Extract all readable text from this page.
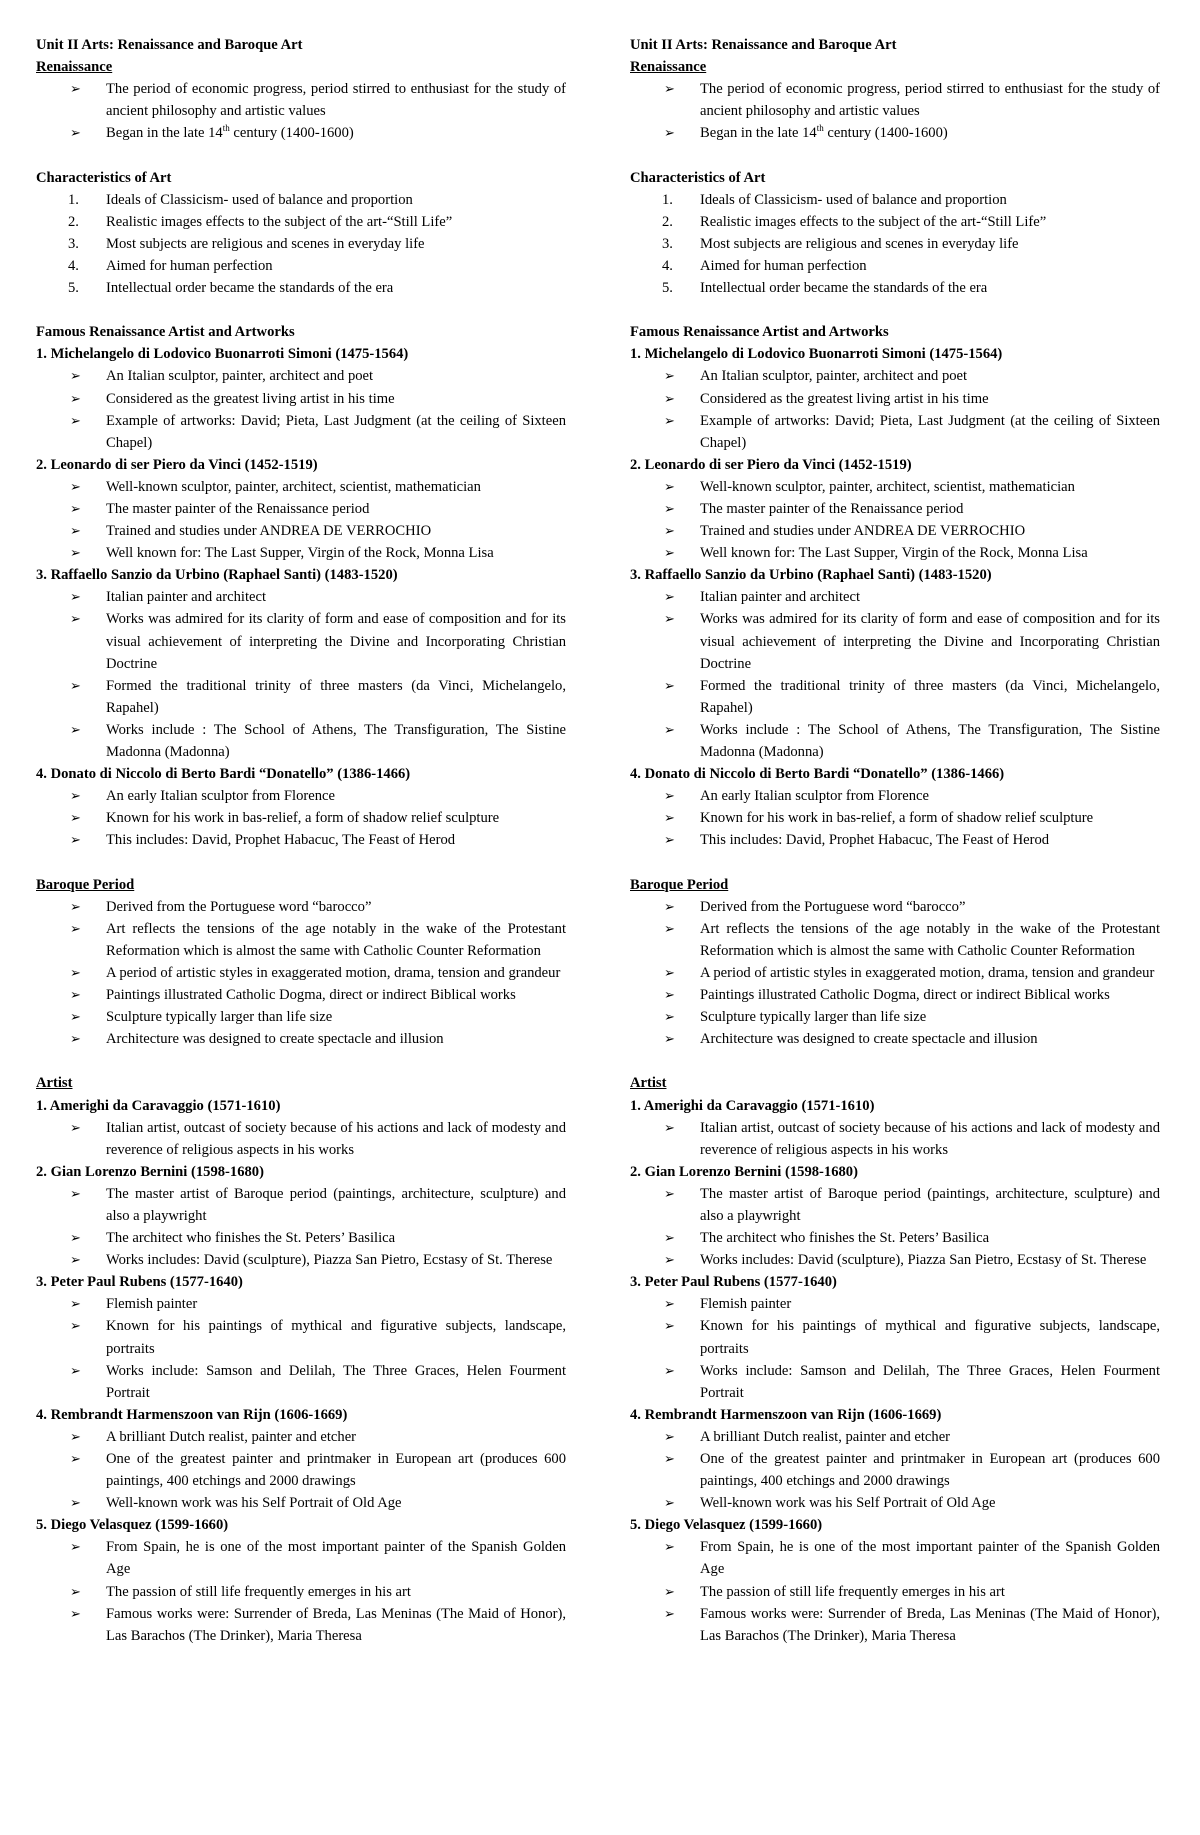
Unit II Arts: Renaissance and Baroque Art
Renaissance
➢	The period of economic progress, period stirred to enthusiast for the study of ancient philosophy and artistic values
➢	Began in the late 14th century (1400-1600)
Characteristics of Art
1.	Ideals of Classicism- used of balance and proportion
2.	Realistic images effects to the subject of the art-“Still Life”
3.	Most subjects are religious and scenes in everyday life
4.	Aimed for human perfection
5.	Intellectual order became the standards of the era
Famous Renaissance Artist and Artworks
1. Michelangelo di Lodovico Buonarroti Simoni (1475-1564)
➢	An Italian sculptor, painter, architect and poet
➢	Considered as the greatest living artist in his time
➢	Example of artworks: David; Pieta, Last Judgment (at the ceiling of Sixteen Chapel)
2. Leonardo di ser Piero da Vinci (1452-1519)
➢	Well-known sculptor, painter, architect, scientist, mathematician
➢	The master painter of the Renaissance period
➢	Trained and studies under ANDREA DE VERROCHIO
➢	Well known for: The Last Supper, Virgin of the Rock, Monna Lisa
3. Raffaello Sanzio da Urbino (Raphael Santi) (1483-1520)
➢	Italian painter and architect
➢	Works was admired for its clarity of form and ease of composition and for its visual achievement of interpreting the Divine and Incorporating Christian Doctrine
➢	Formed the traditional trinity of three masters (da Vinci, Michelangelo, Rapahel)
➢	Works include : The School of Athens, The Transfiguration, The Sistine Madonna (Madonna)
4. Donato di Niccolo di Berto Bardi “Donatello” (1386-1466)
➢	An early Italian sculptor from Florence
➢	Known for his work in bas-relief, a form of shadow relief sculpture
➢	This includes: David, Prophet Habacuc, The Feast of Herod
Baroque Period
➢	Derived from the Portuguese word “barocco”
➢	Art reflects the tensions of the age notably in the wake of the Protestant Reformation which is almost the same with Catholic Counter Reformation
➢	A period of artistic styles in exaggerated motion, drama, tension and grandeur
➢	Paintings illustrated Catholic Dogma, direct or indirect Biblical works
➢	Sculpture typically larger than life size
➢	Architecture was designed to create spectacle and illusion
Artist
1. Amerighi da Caravaggio (1571-1610)
➢	Italian artist, outcast of society because of his actions and lack of modesty and reverence of religious aspects in his works
2. Gian Lorenzo Bernini (1598-1680)
➢	The master artist of Baroque period (paintings, architecture, sculpture) and also a playwright
➢	The architect who finishes the St. Peters’ Basilica
➢	Works includes: David (sculpture), Piazza San Pietro, Ecstasy of St. Therese
3. Peter Paul Rubens (1577-1640)
➢	Flemish painter
➢	Known for his paintings of mythical and figurative subjects, landscape, portraits
➢	Works include: Samson and Delilah, The Three Graces, Helen Fourment Portrait
4. Rembrandt Harmenszoon van Rijn (1606-1669)
➢	A brilliant Dutch realist, painter and etcher
➢	One of the greatest painter and printmaker in European art (produces 600 paintings, 400 etchings and 2000 drawings
➢	Well-known work was his Self Portrait of Old Age
5. Diego Velasquez (1599-1660)
➢	From Spain, he is one of the most important painter of the Spanish Golden Age
➢	The passion of still life frequently emerges in his art
➢	Famous works were: Surrender of Breda, Las Meninas (The Maid of Honor), Las Barachos (The Drinker), Maria Theresa
Unit II Arts: Renaissance and Baroque Art
Renaissance
➢	The period of economic progress, period stirred to enthusiast for the study of ancient philosophy and artistic values
➢	Began in the late 14th century (1400-1600)
Characteristics of Art
1.	Ideals of Classicism- used of balance and proportion
2.	Realistic images effects to the subject of the art-“Still Life”
3.	Most subjects are religious and scenes in everyday life
4.	Aimed for human perfection
5.	Intellectual order became the standards of the era
Famous Renaissance Artist and Artworks
1. Michelangelo di Lodovico Buonarroti Simoni (1475-1564)
➢	An Italian sculptor, painter, architect and poet
➢	Considered as the greatest living artist in his time
➢	Example of artworks: David; Pieta, Last Judgment (at the ceiling of Sixteen Chapel)
2. Leonardo di ser Piero da Vinci (1452-1519)
➢	Well-known sculptor, painter, architect, scientist, mathematician
➢	The master painter of the Renaissance period
➢	Trained and studies under ANDREA DE VERROCHIO
➢	Well known for: The Last Supper, Virgin of the Rock, Monna Lisa
3. Raffaello Sanzio da Urbino (Raphael Santi) (1483-1520)
➢	Italian painter and architect
➢	Works was admired for its clarity of form and ease of composition and for its visual achievement of interpreting the Divine and Incorporating Christian Doctrine
➢	Formed the traditional trinity of three masters (da Vinci, Michelangelo, Rapahel)
➢	Works include : The School of Athens, The Transfiguration, The Sistine Madonna (Madonna)
4. Donato di Niccolo di Berto Bardi “Donatello” (1386-1466)
➢	An early Italian sculptor from Florence
➢	Known for his work in bas-relief, a form of shadow relief sculpture
➢	This includes: David, Prophet Habacuc, The Feast of Herod
Baroque Period
➢	Derived from the Portuguese word “barocco”
➢	Art reflects the tensions of the age notably in the wake of the Protestant Reformation which is almost the same with Catholic Counter Reformation
➢	A period of artistic styles in exaggerated motion, drama, tension and grandeur
➢	Paintings illustrated Catholic Dogma, direct or indirect Biblical works
➢	Sculpture typically larger than life size
➢	Architecture was designed to create spectacle and illusion
Artist
1. Amerighi da Caravaggio (1571-1610)
➢	Italian artist, outcast of society because of his actions and lack of modesty and reverence of religious aspects in his works
2. Gian Lorenzo Bernini (1598-1680)
➢	The master artist of Baroque period (paintings, architecture, sculpture) and also a playwright
➢	The architect who finishes the St. Peters’ Basilica
➢	Works includes: David (sculpture), Piazza San Pietro, Ecstasy of St. Therese
3. Peter Paul Rubens (1577-1640)
➢	Flemish painter
➢	Known for his paintings of mythical and figurative subjects, landscape, portraits
➢	Works include: Samson and Delilah, The Three Graces, Helen Fourment Portrait
4. Rembrandt Harmenszoon van Rijn (1606-1669)
➢	A brilliant Dutch realist, painter and etcher
➢	One of the greatest painter and printmaker in European art (produces 600 paintings, 400 etchings and 2000 drawings
➢	Well-known work was his Self Portrait of Old Age
5. Diego Velasquez (1599-1660)
➢	From Spain, he is one of the most important painter of the Spanish Golden Age
➢	The passion of still life frequently emerges in his art
➢	Famous works were: Surrender of Breda, Las Meninas (The Maid of Honor), Las Barachos (The Drinker), Maria Theresa
